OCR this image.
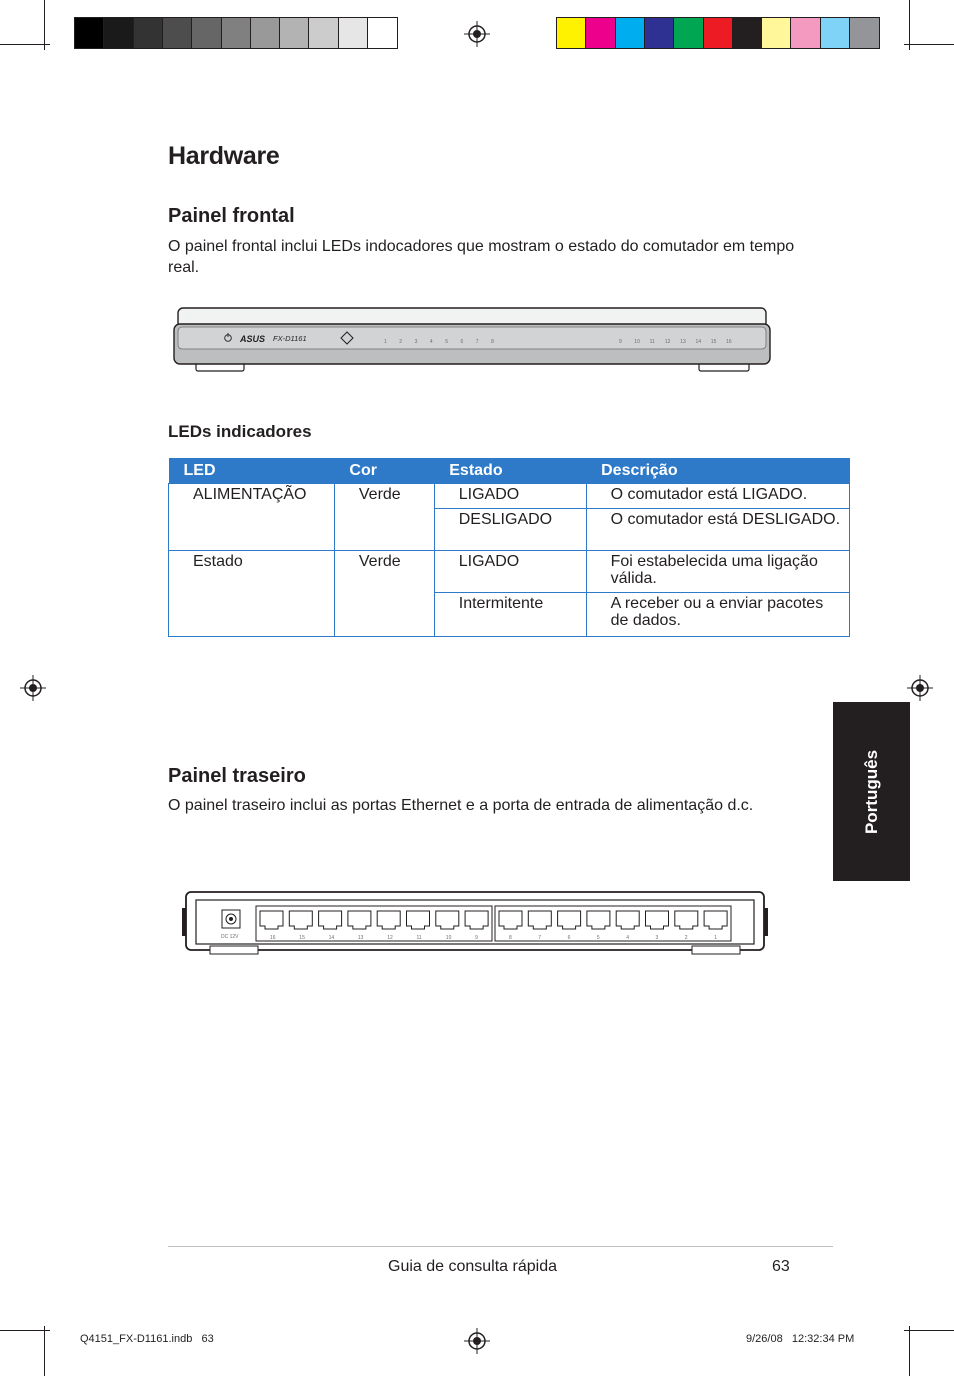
Hardware
Painel frontal

O painel frontal inclui LEDs indocadores que mostram o estado do comutador em tempo real.

ASUS FX-D1161	1	2	3	4	5	6	7	8	9	10 11 12 13 14 15 16
LEDs indicadores
LED	Cor	Estado	Descrição
ALIMENTAÇÃO	Verde	LIGADO	O comutador está LIGADO.
		DESLIGADO	O comutador está DESLIGADO.
Estado	Verde	LIGADO	Foi estabelecida uma ligação válida.
		Intermitente	A receber ou a enviar pacotes de dados.
Português
Painel traseiro

O painel traseiro inclui as portas Ethernet e a porta de entrada de alimentação d.c.

DC 12V	16	15	14	13	12	11	10	9	8	7	6	5	4	3	2	1
Guia de consulta rápida	63
Q4151_FX-D1161.indb   63	9/26/08   12:32:34 PM
